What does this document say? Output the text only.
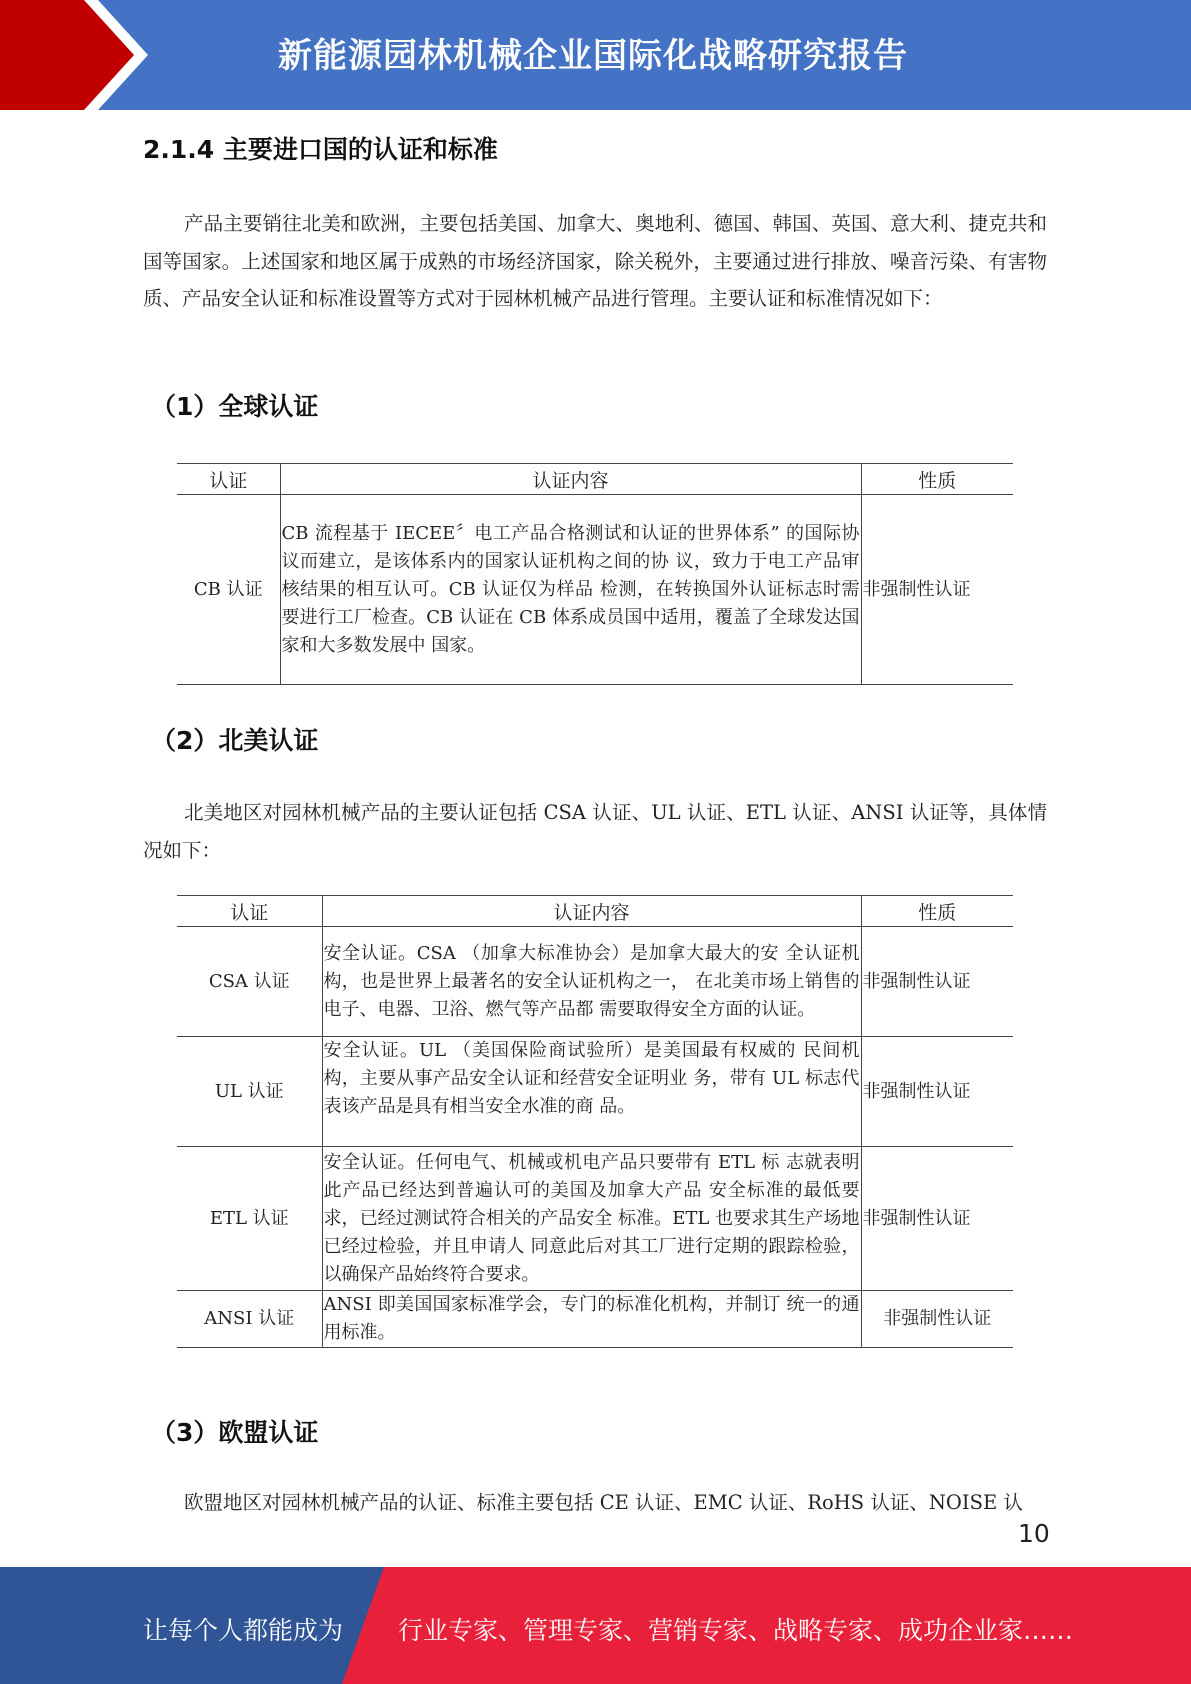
新能源园林机械企业国际化战略研究报告
2.1.4 主要进口国的认证和标准

产品主要销往北美和欧洲，主要包括美国、加拿大、奥地利、德国、韩国、英国、意大利、捷克共和国等国家。上述国家和地区属于成熟的市场经济国家，除关税外，主要通过进行排放、噪音污染、有害物质、产品安全认证和标准设置等方式对于园林机械产品进行管理。主要认证和标准情况如下：

（1）全球认证
认证	认证内容	性质
CB 认证	CB 流程基于 IECEE〞电工产品合格测试和认证的世界体系” 的国际协议而建立，是该体系内的国家认证机构之间的协 议，致力于电工产品审核结果的相互认可。CB 认证仅为样品 检测，在转换国外认证标志时需要进行工厂检查。CB 认证在 CB 体系成员国中适用，覆盖了全球发达国家和大多数发展中 国家。	非强制性认证
（2）北美认证

北美地区对园林机械产品的主要认证包括 CSA 认证、UL 认证、ETL 认证、ANSI 认证等，具体情况如下：

认证	认证内容	性质
CSA 认证	安全认证。CSA （加拿大标准协会）是加拿大最大的安 全认证机构，也是世界上最著名的安全认证机构之一， 在北美市场上销售的电子、电器、卫浴、燃气等产品都 需要取得安全方面的认证。	非强制性认证
UL 认证	安全认证。UL （美国保险商试验所）是美国最有权威的 民间机构，主要从事产品安全认证和经营安全证明业 务，带有 UL 标志代表该产品是具有相当安全水准的商 品。	非强制性认证
ETL 认证	安全认证。任何电气、机械或机电产品只要带有 ETL 标 志就表明此产品已经达到普遍认可的美国及加拿大产品 安全标准的最低要求，已经过测试符合相关的产品安全 标准。ETL 也要求其生产场地已经过检验，并且申请人 同意此后对其工厂进行定期的跟踪检验，以确保产品始终符合要求。	非强制性认证
ANSI 认证	ANSI 即美国国家标准学会，专门的标准化机构，并制订 统一的通用标准。	非强制性认证
（3）欧盟认证

欧盟地区对园林机械产品的认证、标准主要包括 CE 认证、EMC 认证、RoHS 认证、NOISE 认

10
让每个人都能成为 行业专家、管理专家、营销专家、战略专家、成功企业家……
